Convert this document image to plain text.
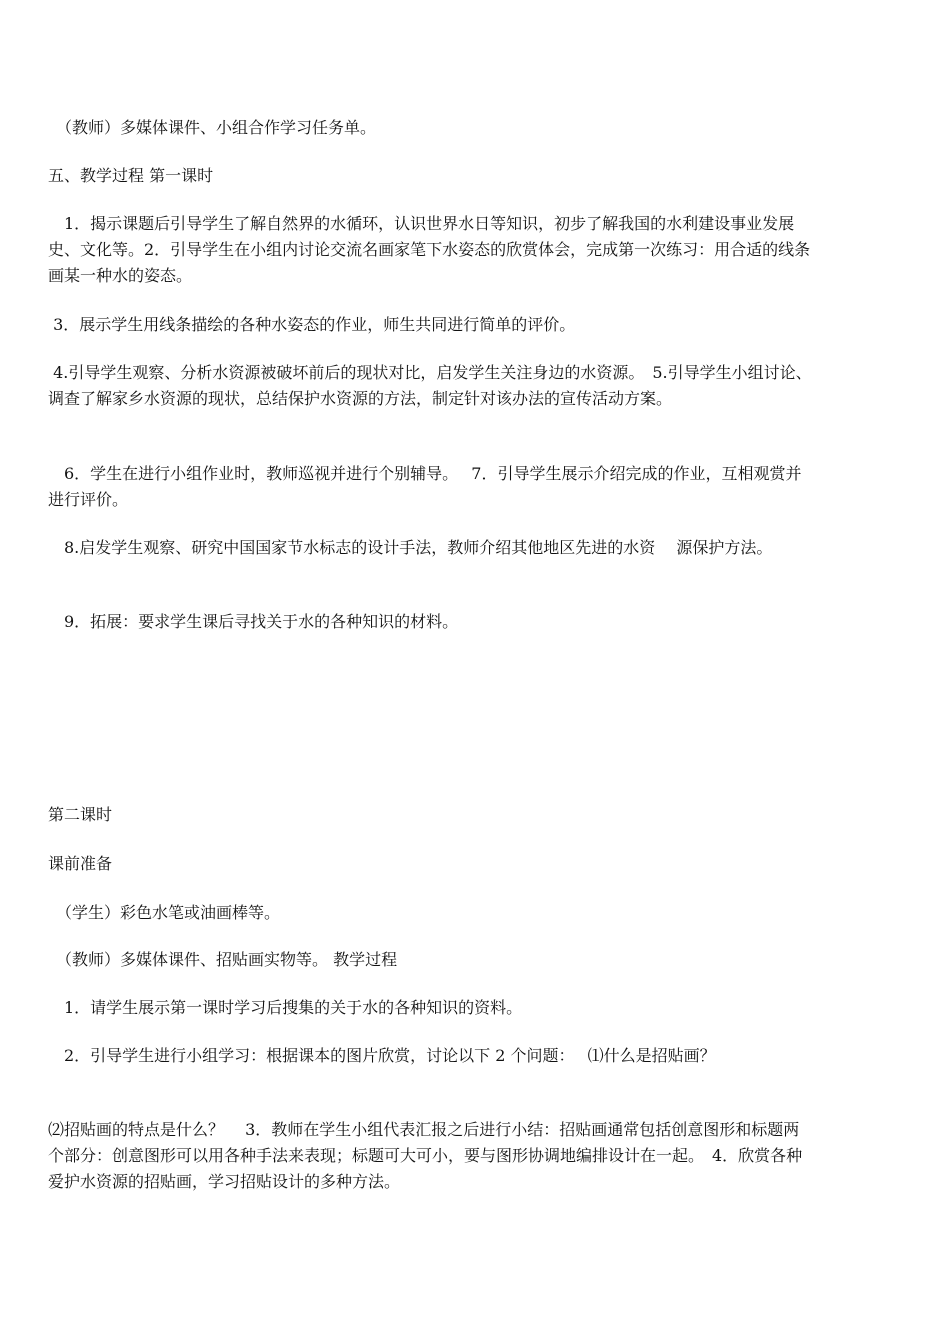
　（教师）多媒体课件、小组合作学习任务单。

五、教学过程 第一课时

　1．揭示课题后引导学生了解自然界的水循环，认识世界水日等知识，初步了解我国的水利建设事业发展史、文化等。2．引导学生在小组内讨论交流名画家笔下水姿态的欣赏体会，完成第一次练习：用合适的线条画某一种水的姿态。

3．展示学生用线条描绘的各种水姿态的作业，师生共同进行简单的评价。

4.引导学生观察、分析水资源被破坏前后的现状对比，启发学生关注身边的水资源。　5.引导学生小组讨论、调查了解家乡水资源的现状，总结保护水资源的方法，制定针对该办法的宣传活动方案。

　6．学生在进行小组作业时，教师巡视并进行个别辅导。　 7．引导学生展示介绍完成的作业，互相观赏并进行评价。

　8.启发学生观察、研究中国国家节水标志的设计手法，教师介绍其他地区先进的水资　 源保护方法。

　9．拓展：要求学生课后寻找关于水的各种知识的材料。

第二课时

课前准备

　（学生）彩色水笔或油画棒等。

　（教师）多媒体课件、招贴画实物等。 教学过程

　1．请学生展示第一课时学习后搜集的关于水的各种知识的资料。

　2．引导学生进行小组学习：根据课本的图片欣赏，讨论以下 2 个问题：　 ⑴什么是招贴画？

⑵招贴画的特点是什么？　 3．教师在学生小组代表汇报之后进行小结：招贴画通常包括创意图形和标题两个部分：创意图形可以用各种手法来表现；标题可大可小，要与图形协调地编排设计在一起。　4．欣赏各种爱护水资源的招贴画，学习招贴设计的多种方法。
